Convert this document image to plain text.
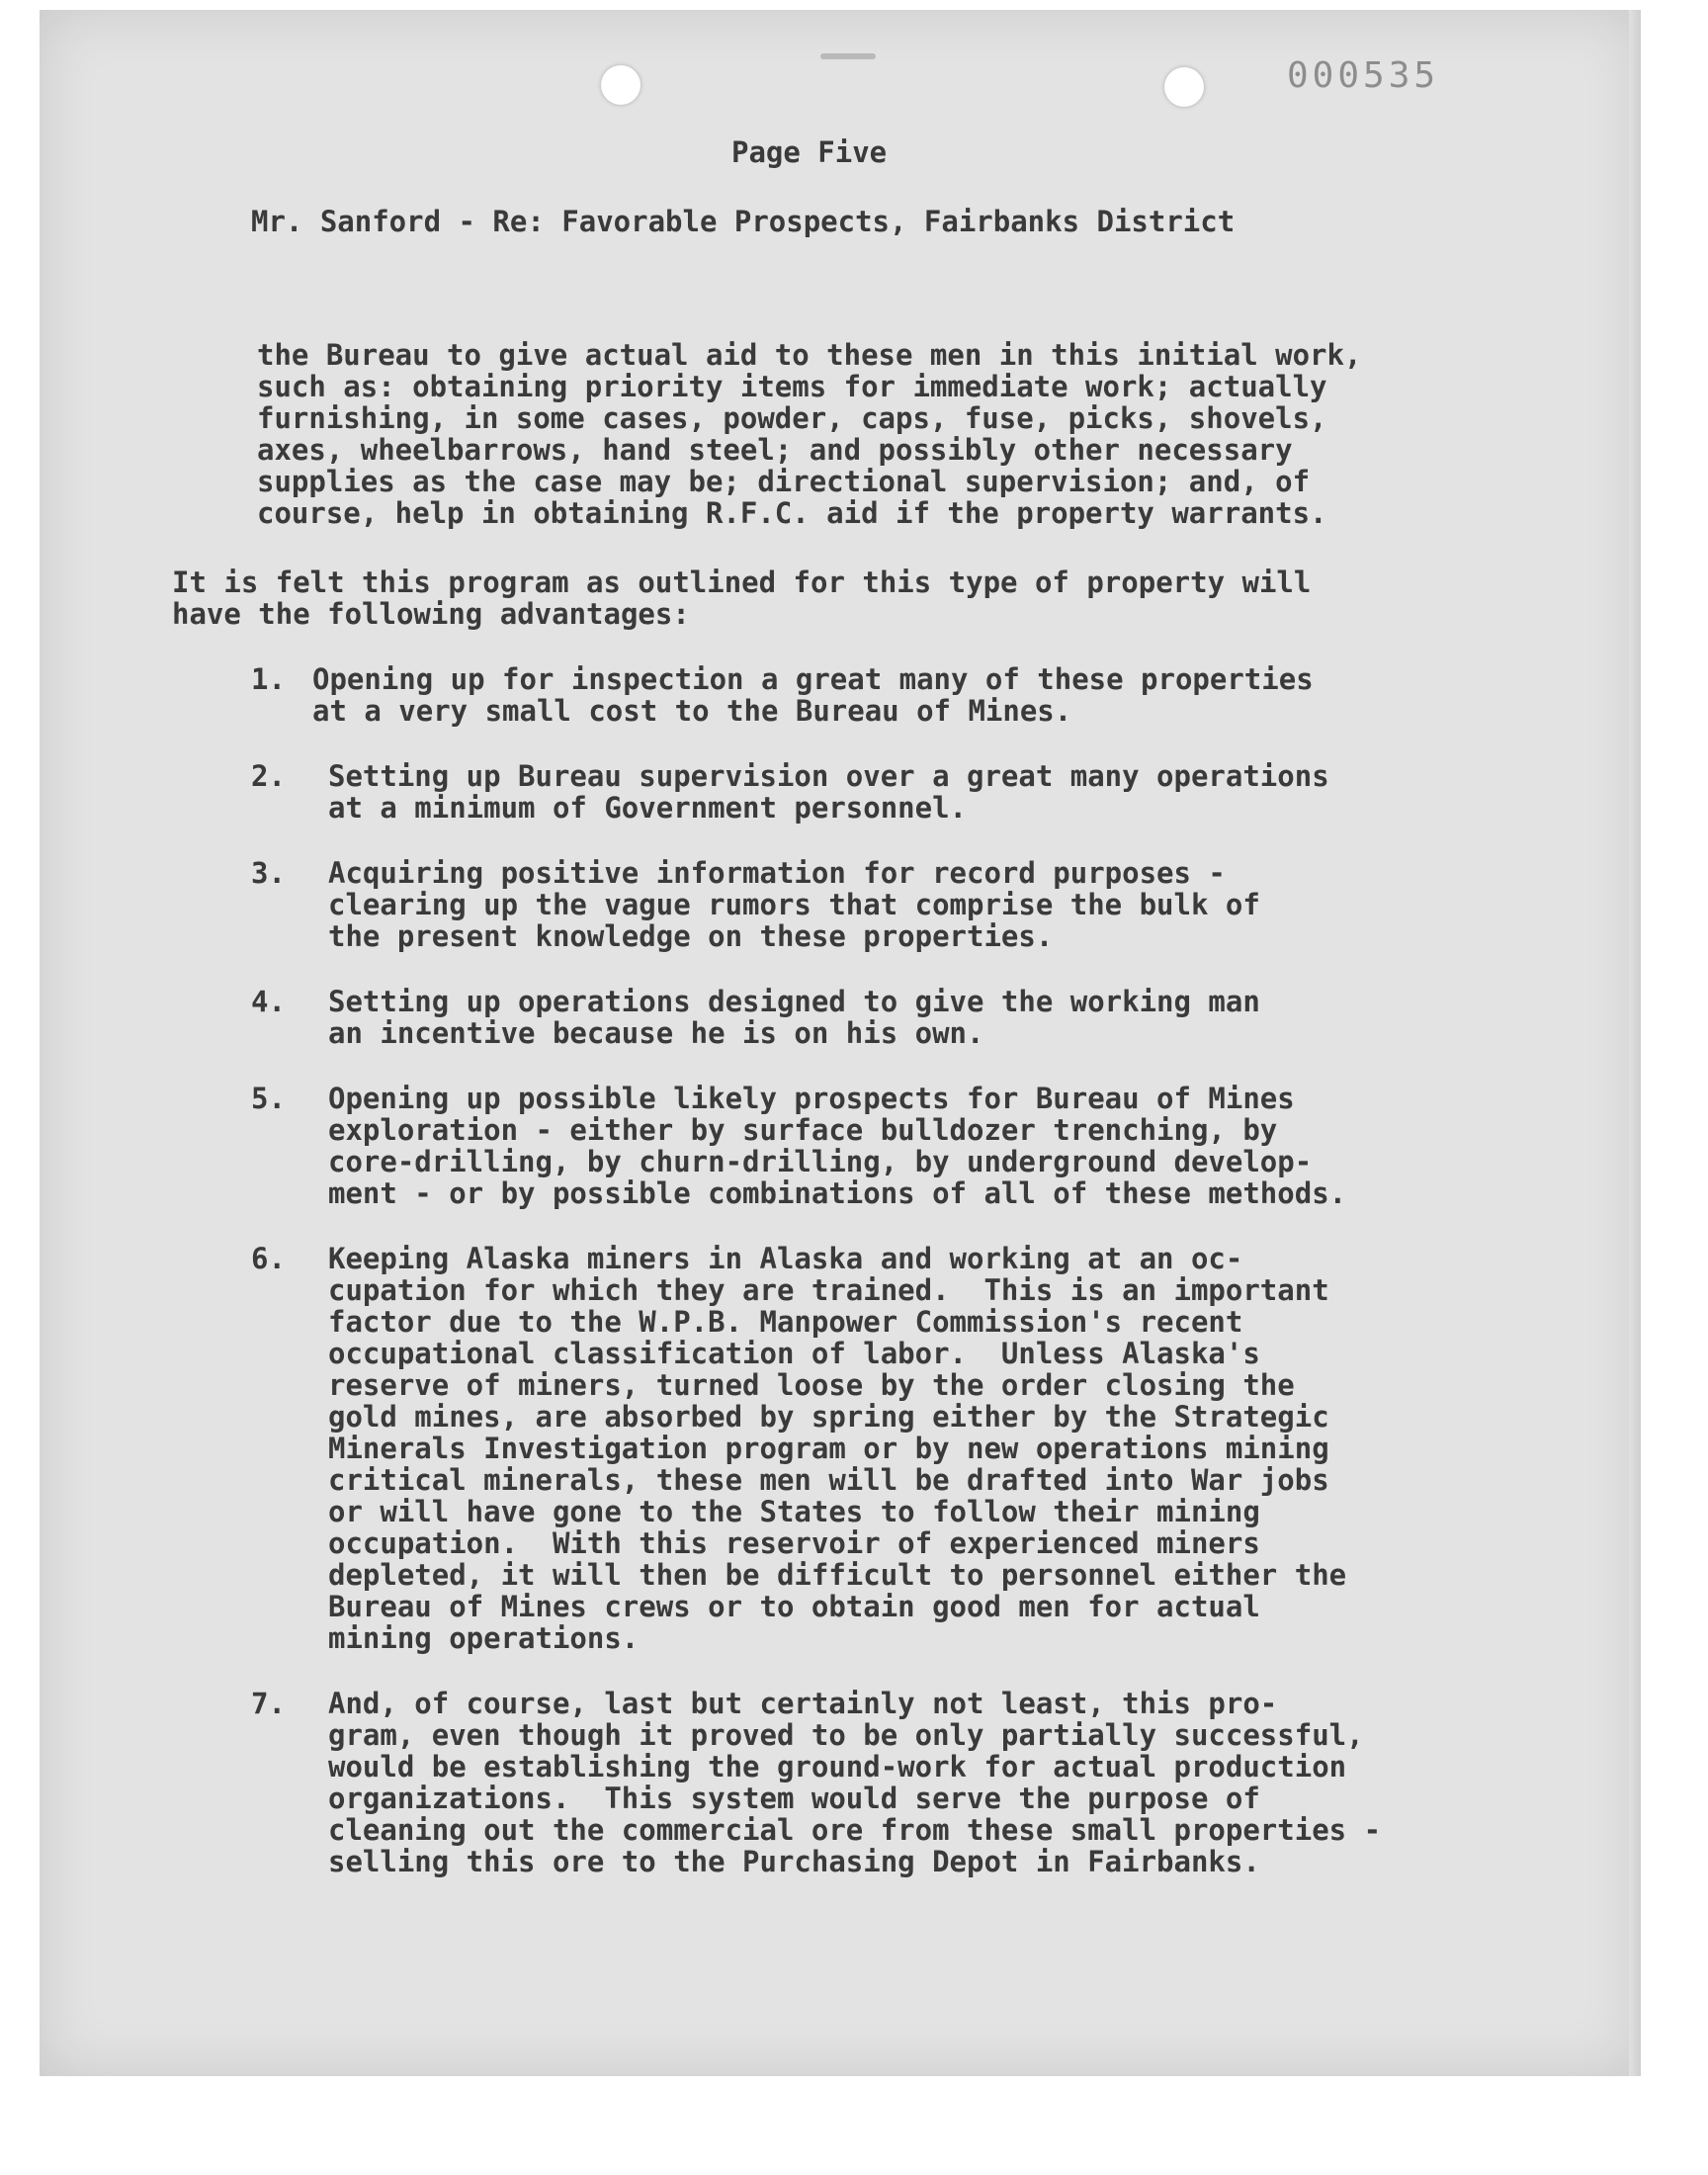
000535

Page Five

Mr. Sanford - Re: Favorable Prospects, Fairbanks District

the Bureau to give actual aid to these men in this initial work,
such as: obtaining priority items for immediate work; actually
furnishing, in some cases, powder, caps, fuse, picks, shovels,
axes, wheelbarrows, hand steel; and possibly other necessary
supplies as the case may be; directional supervision; and, of
course, help in obtaining R.F.C. aid if the property warrants.

It is felt this program as outlined for this type of property will
have the following advantages:

1. Opening up for inspection a great many of these properties
at a very small cost to the Bureau of Mines.

2. Setting up Bureau supervision over a great many operations
at a minimum of Government personnel.

3. Acquiring positive information for record purposes -
clearing up the vague rumors that comprise the bulk of
the present knowledge on these properties.

4. Setting up operations designed to give the working man
an incentive because he is on his own.

5. Opening up possible likely prospects for Bureau of Mines
exploration - either by surface bulldozer trenching, by
core-drilling, by churn-drilling, by underground develop-
ment - or by possible combinations of all of these methods.

6. Keeping Alaska miners in Alaska and working at an oc-
cupation for which they are trained.  This is an important
factor due to the W.P.B. Manpower Commission's recent
occupational classification of labor.  Unless Alaska's
reserve of miners, turned loose by the order closing the
gold mines, are absorbed by spring either by the Strategic
Minerals Investigation program or by new operations mining
critical minerals, these men will be drafted into War jobs
or will have gone to the States to follow their mining
occupation.  With this reservoir of experienced miners
depleted, it will then be difficult to personnel either the
Bureau of Mines crews or to obtain good men for actual
mining operations.

7. And, of course, last but certainly not least, this pro-
gram, even though it proved to be only partially successful,
would be establishing the ground-work for actual production
organizations.  This system would serve the purpose of
cleaning out the commercial ore from these small properties -
selling this ore to the Purchasing Depot in Fairbanks.
